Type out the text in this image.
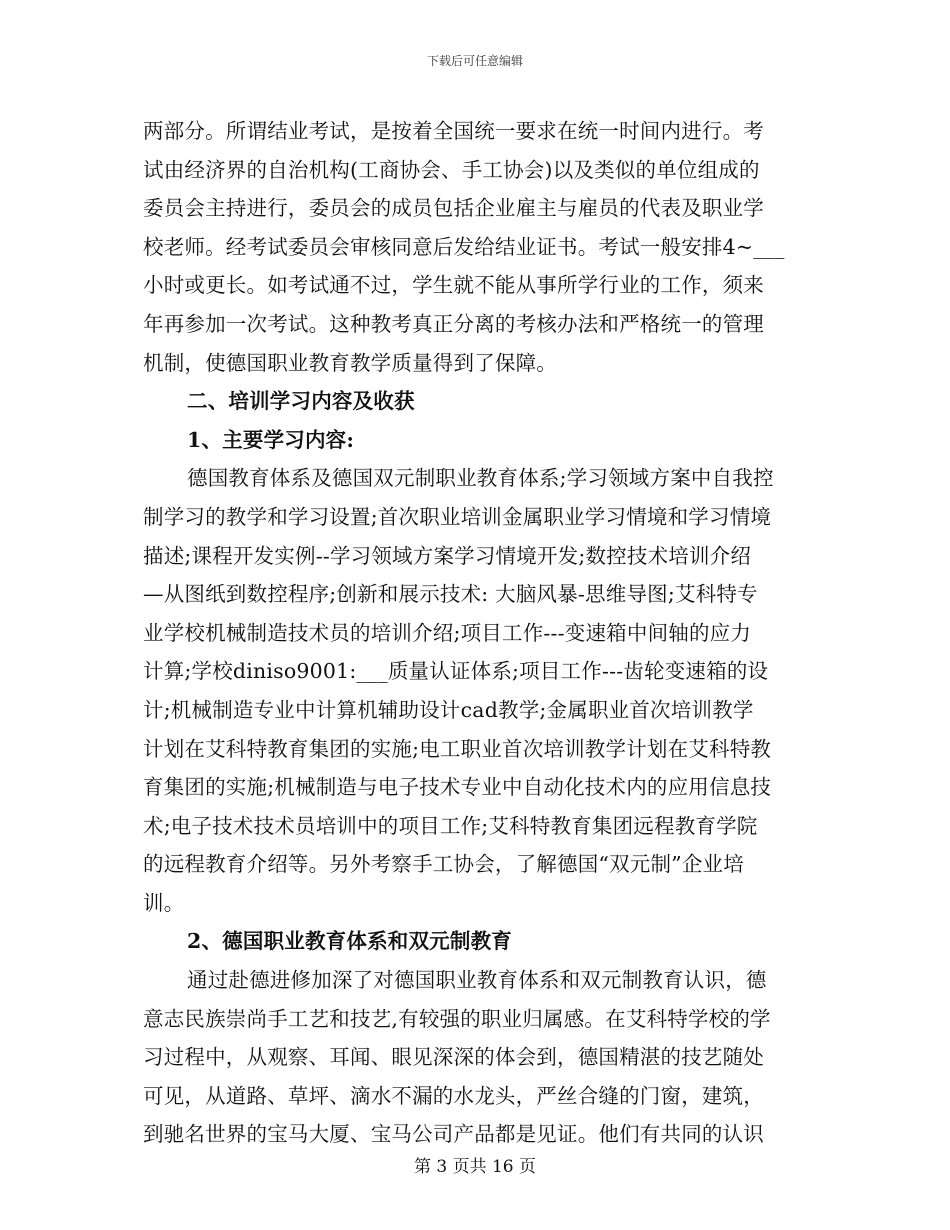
下载后可任意编辑
两部分。所谓结业考试，是按着全国统一要求在统一时间内进行。考
试由经济界的自治机构(工商协会、手工协会)以及类似的单位组成的
委员会主持进行，委员会的成员包括企业雇主与雇员的代表及职业学
校老师。经考试委员会审核同意后发给结业证书。考试一般安排4~___
小时或更长。如考试通不过，学生就不能从事所学行业的工作，须来
年再参加一次考试。这种教考真正分离的考核办法和严格统一的管理
机制，使德国职业教育教学质量得到了保障。
二、培训学习内容及收获
1、主要学习内容:
德国教育体系及德国双元制职业教育体系;学习领域方案中自我控
制学习的教学和学习设置;首次职业培训金属职业学习情境和学习情境
描述;课程开发实例--学习领域方案学习情境开发;数控技术培训介绍
—从图纸到数控程序;创新和展示技术: 大脑风暴-思维导图;艾科特专
业学校机械制造技术员的培训介绍;项目工作---变速箱中间轴的应力
计算;学校diniso9001:___质量认证体系;项目工作---齿轮变速箱的设
计;机械制造专业中计算机辅助设计cad教学;金属职业首次培训教学
计划在艾科特教育集团的实施;电工职业首次培训教学计划在艾科特教
育集团的实施;机械制造与电子技术专业中自动化技术内的应用信息技
术;电子技术技术员培训中的项目工作;艾科特教育集团远程教育学院
的远程教育介绍等。另外考察手工协会，了解德国“双元制”企业培
训。
2、德国职业教育体系和双元制教育
通过赴德进修加深了对德国职业教育体系和双元制教育认识，德
意志民族崇尚手工艺和技艺,有较强的职业归属感。在艾科特学校的学
习过程中，从观察、耳闻、眼见深深的体会到，德国精湛的技艺随处
可见，从道路、草坪、滴水不漏的水龙头，严丝合缝的门窗，建筑，
到驰名世界的宝马大厦、宝马公司产品都是见证。他们有共同的认识
第 3 页共 16 页
